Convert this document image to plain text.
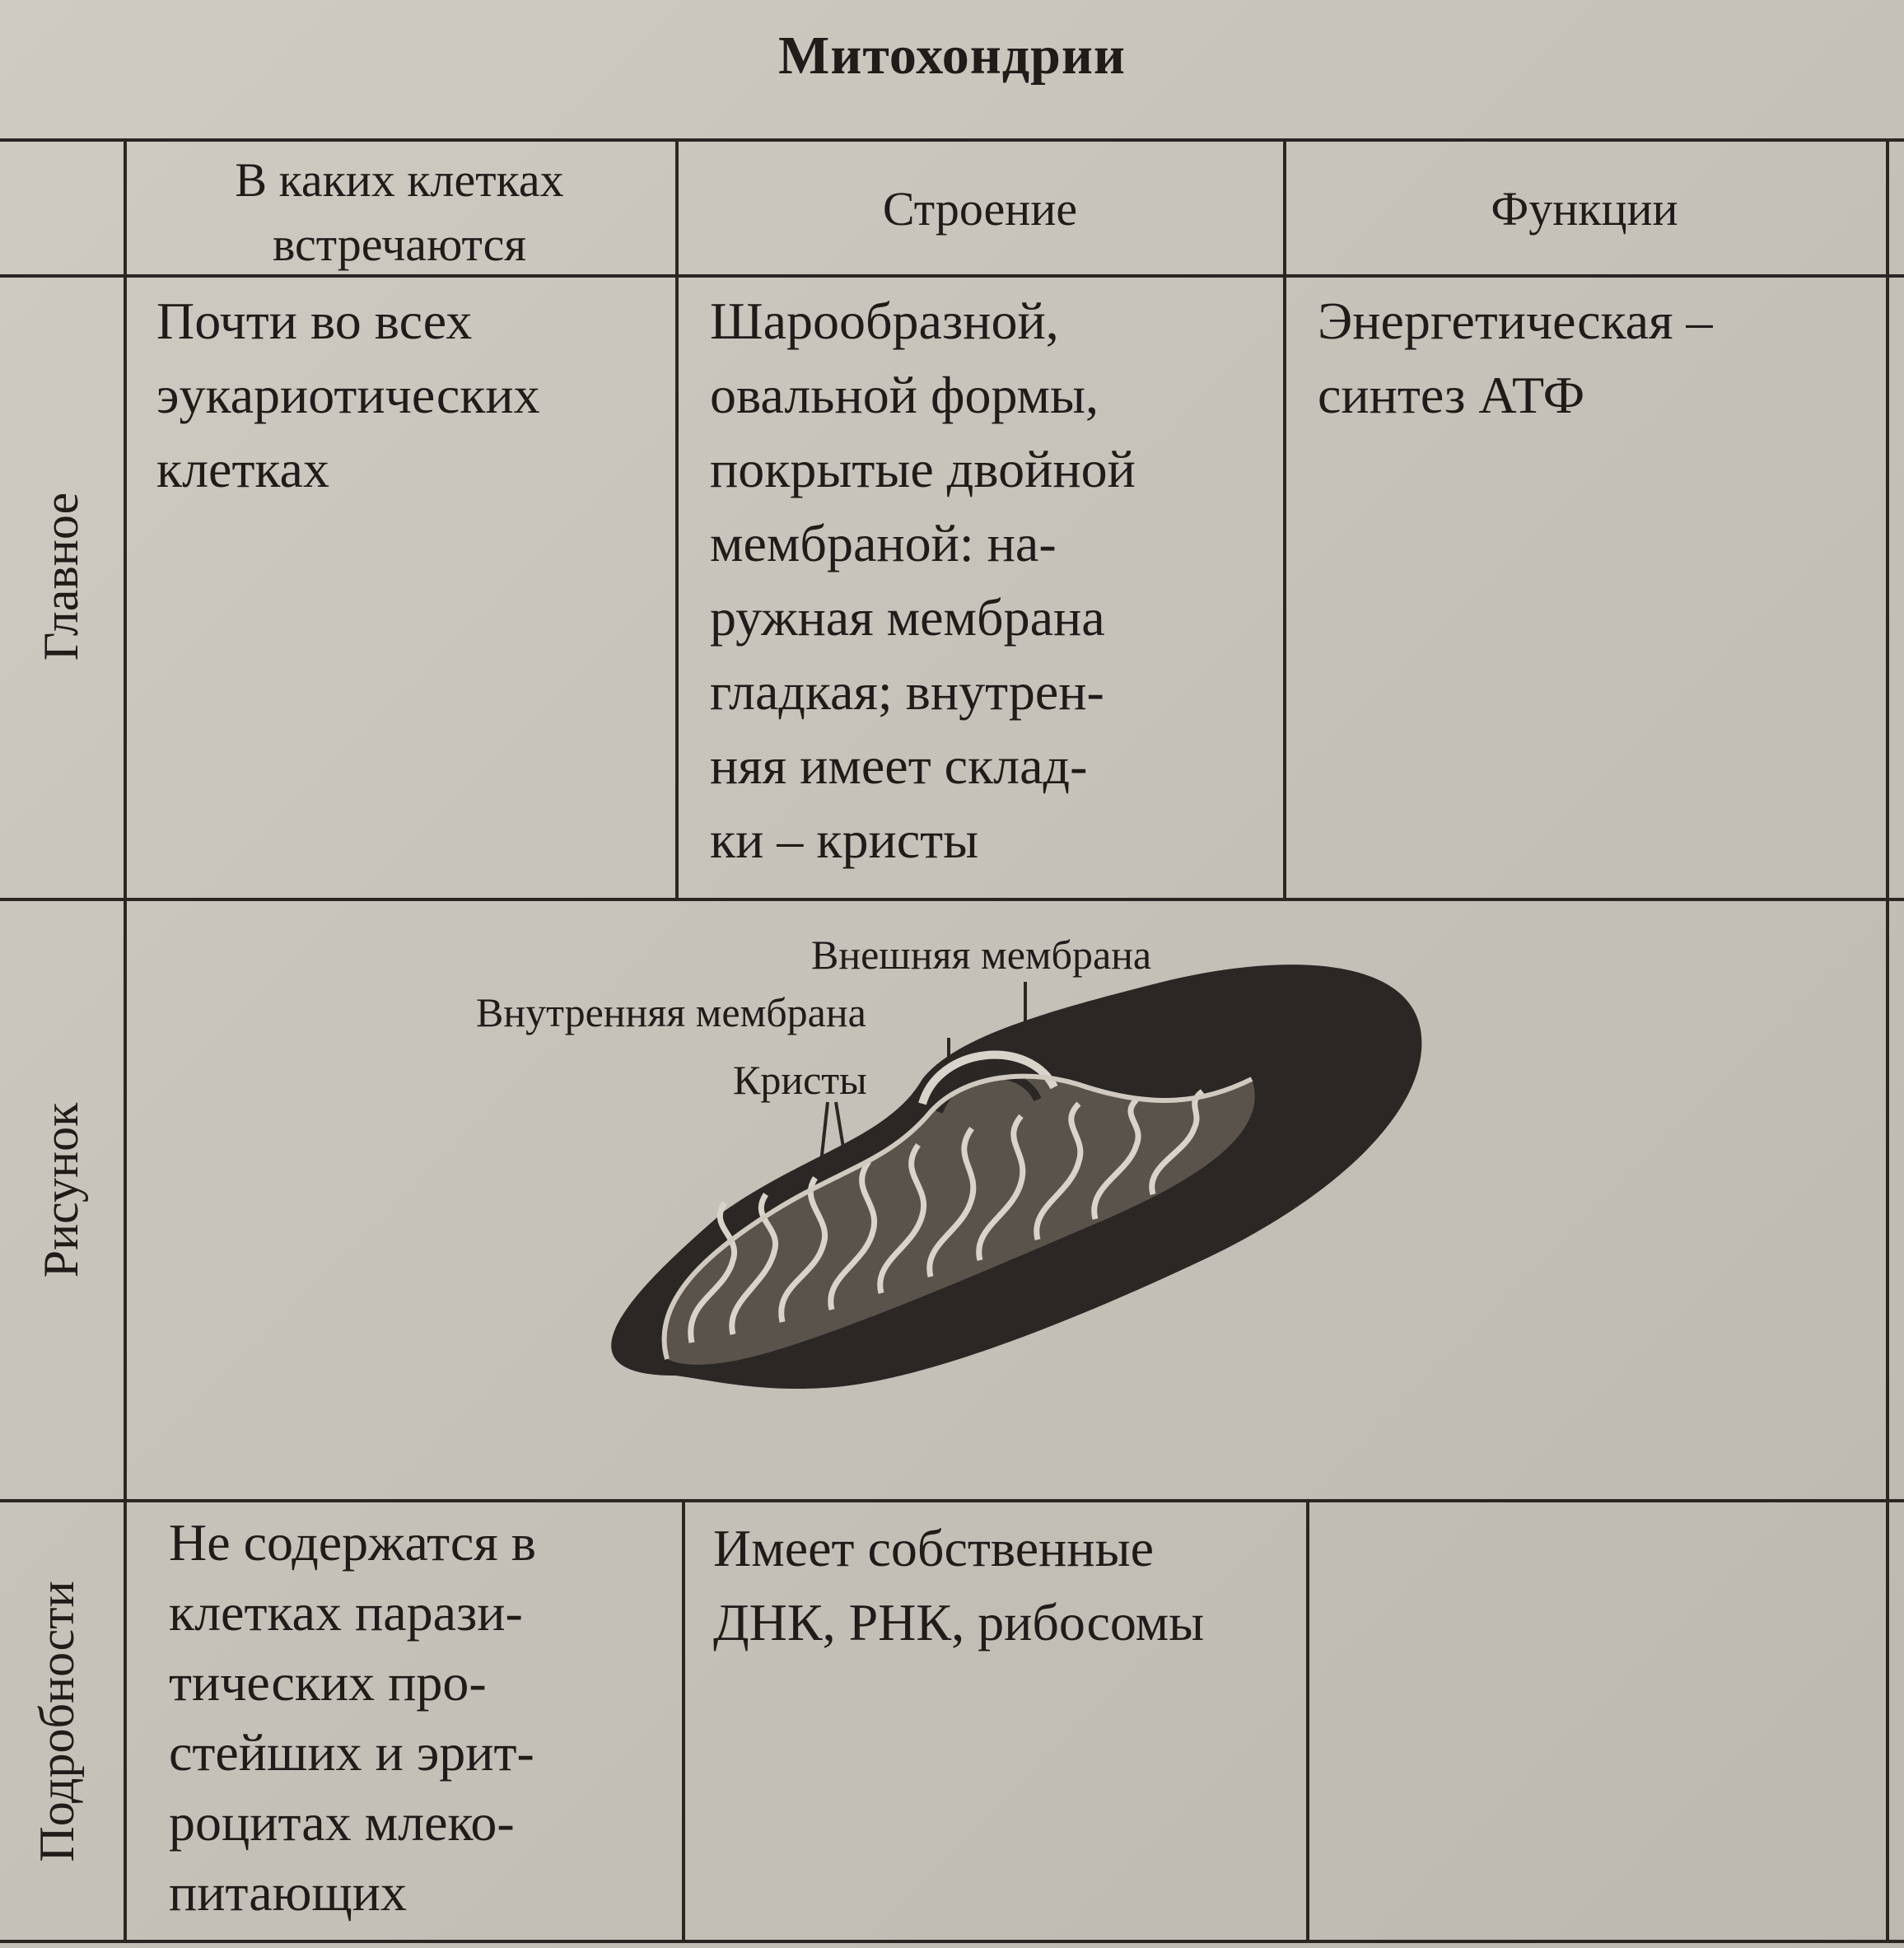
Митохондрии
В каких клетках
встречаются
Строение	Функции
Главное
Рисунок
Подробности
Почти во всех
эукариотических
клетках
Шарообразной,
овальной формы,
покрытые двойной
мембраной: на-
ружная мембрана
гладкая; внутрен-
няя имеет склад-
ки – кристы
Энергетическая –
синтез АТФ
Внешняя мембрана
Внутренняя мембрана
Кристы
Не содержатся в
клетках парази-
тических про-
стейших и эрит-
роцитах млеко-
питающих
Имеет собственные
ДНК, РНК, рибосомы
